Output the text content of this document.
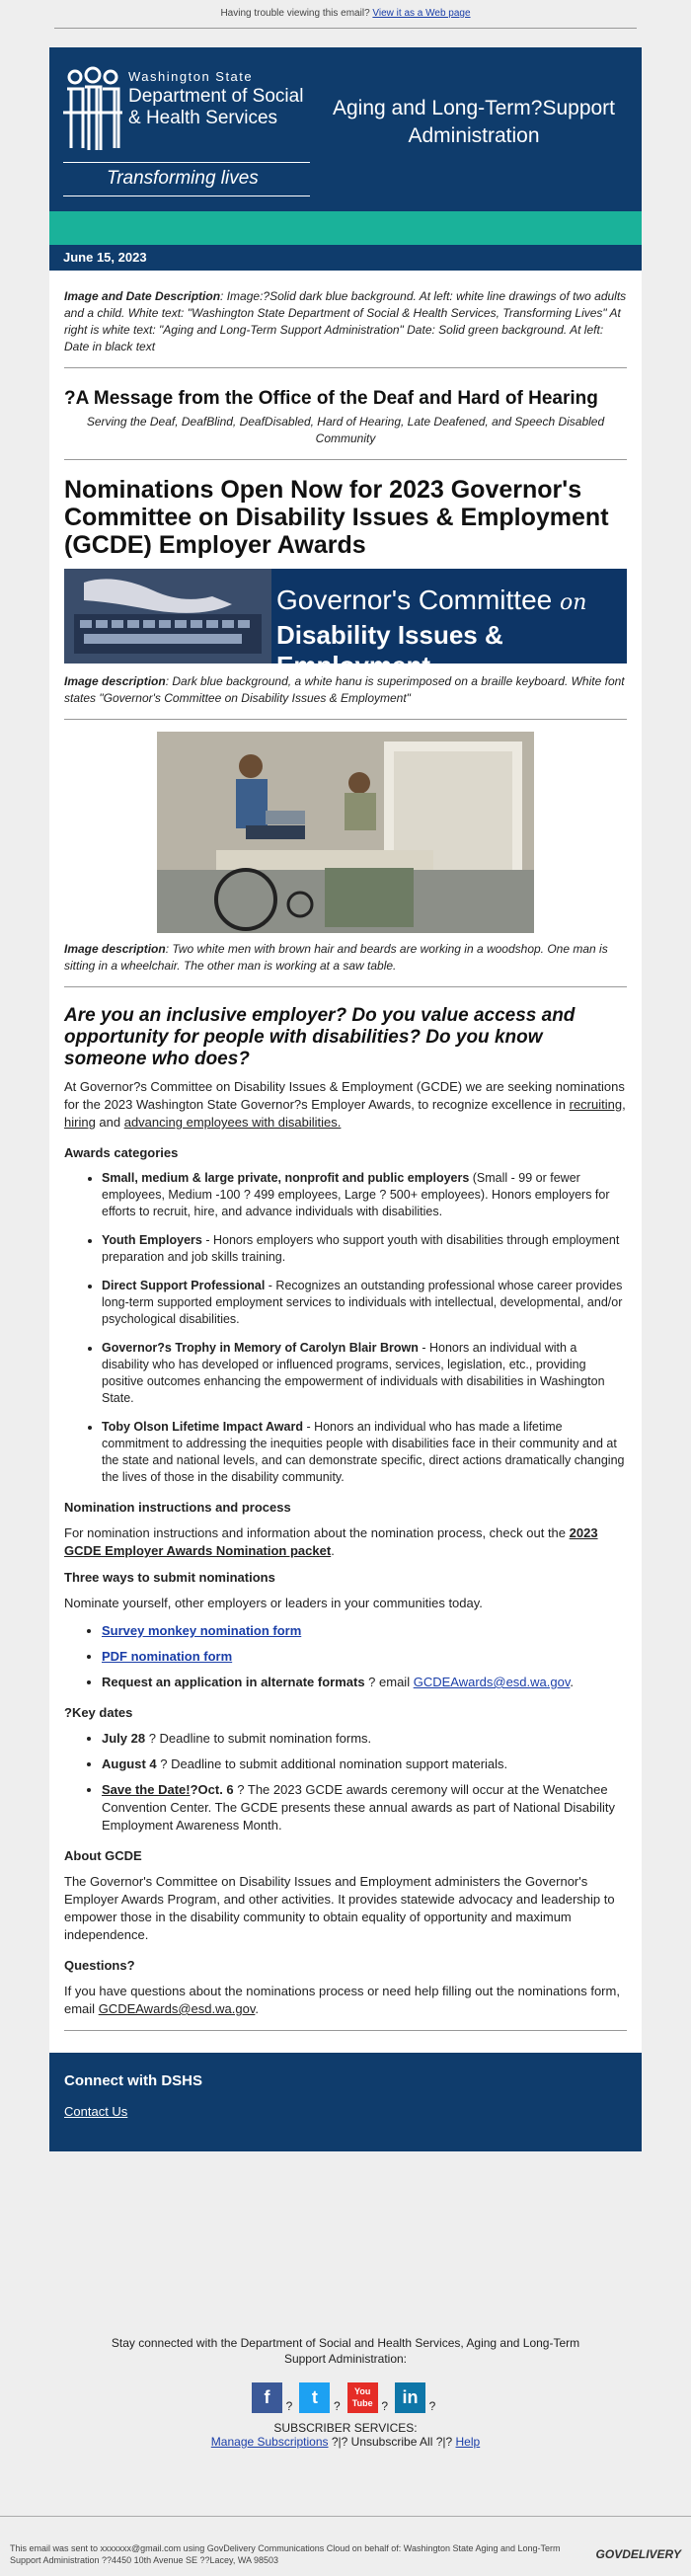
Having trouble viewing this email? View it as a Web page
Washington State
Department of Social
& Health Services
Transforming lives
Aging and Long-Term?Support Administration
June 15, 2023

Image and Date Description: Image:?Solid dark blue background. At left: white line drawings of two adults and a child. White text: "Washington State Department of Social & Health Services, Transforming Lives" At right is white text: "Aging and Long-Term Support Administration" Date: Solid green background. At left: Date in black text

?A Message from the Office of the Deaf and Hard of Hearing
Serving the Deaf, DeafBlind, DeafDisabled, Hard of Hearing, Late Deafened, and Speech Disabled Community
Nominations Open Now for 2023 Governor's Committee on Disability Issues & Employment (GCDE) Employer Awards
Governor's Committee on
Disability Issues & Employment

Image description: Dark blue background, a white hand is superimposed on a braille keyboard. White font states "Governor's Committee on Disability Issues & Employment"

Image description: Two white men with brown hair and beards are working in a woodshop. One man is sitting in a wheelchair. The other man is working at a saw table.

Are you an inclusive employer? Do you value access and opportunity for people with disabilities? Do you know someone who does?

At Governor?s Committee on Disability Issues & Employment (GCDE) we are seeking nominations for the 2023 Washington State Governor?s Employer Awards, to recognize excellence in recruiting, hiring and advancing employees with disabilities.

Awards categories
• Small, medium & large private, nonprofit and public employers (Small - 99 or fewer employees, Medium -100 ? 499 employees, Large ? 500+ employees). Honors employers for efforts to recruit, hire, and advance individuals with disabilities.
• Youth Employers - Honors employers who support youth with disabilities through employment preparation and job skills training.
• Direct Support Professional - Recognizes an outstanding professional whose career provides long-term supported employment services to individuals with intellectual, developmental, and/or psychological disabilities.
• Governor?s Trophy in Memory of Carolyn Blair Brown - Honors an individual with a disability who has developed or influenced programs, services, legislation, etc., providing positive outcomes enhancing the empowerment of individuals with disabilities in Washington State.
• Toby Olson Lifetime Impact Award - Honors an individual who has made a lifetime commitment to addressing the inequities people with disabilities face in their community and at the state and national levels, and can demonstrate specific, direct actions dramatically changing the lives of those in the disability community.
Nomination instructions and process

For nomination instructions and information about the nomination process, check out the 2023 GCDE Employer Awards Nomination packet.

Three ways to submit nominations

Nominate yourself, other employers or leaders in your communities today.

• Survey monkey nomination form
• PDF nomination form
• Request an application in alternate formats ? email GCDEAwards@esd.wa.gov.
?Key dates
• July 28 ? Deadline to submit nomination forms.
• August 4 ? Deadline to submit additional nomination support materials.
• Save the Date!?Oct. 6 ? The 2023 GCDE awards ceremony will occur at the Wenatchee Convention Center. The GCDE presents these annual awards as part of National Disability Employment Awareness Month.
About GCDE

The Governor's Committee on Disability Issues and Employment administers the Governor's Employer Awards Program, and other activities. It provides statewide advocacy and leadership to empower those in the disability community to obtain equality of opportunity and maximum independence.

Questions?

If you have questions about the nominations process or need help filling out the nominations form, email GCDEAwards@esd.wa.gov.

Connect with DSHS
Contact Us
Stay connected with the Department of Social and Health Services, Aging and Long-Term Support Administration:
f ? t ? You Tube ? in ?
SUBSCRIBER SERVICES:
Manage Subscriptions ?|? Unsubscribe All ?|? Help
This email was sent to xxxxxxx@gmail.com using GovDelivery Communications Cloud on behalf of: Washington State Aging and Long-Term Support Administration ??4450 10th Avenue SE ??Lacey, WA 98503	GOVDELIVERY
